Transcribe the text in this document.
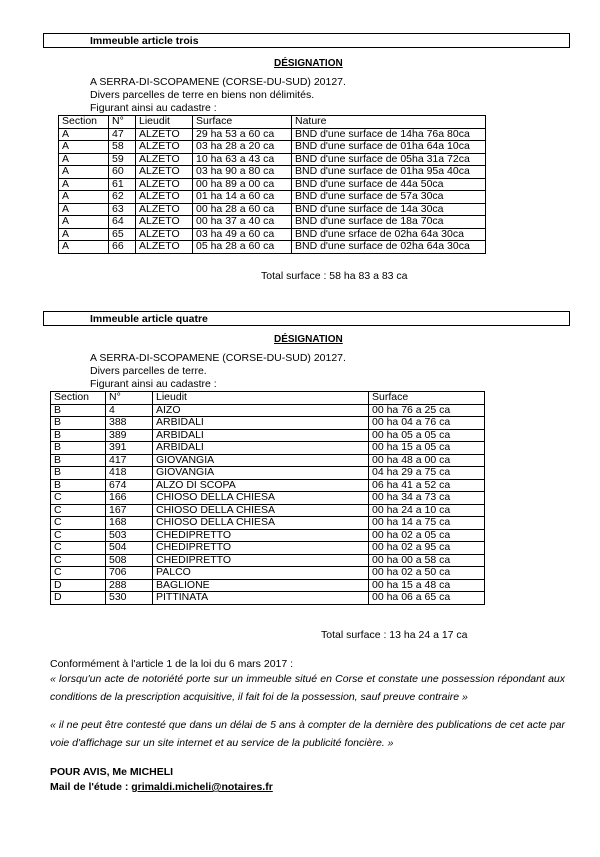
Immeuble article trois
DÉSIGNATION
A SERRA-DI-SCOPAMENE (CORSE-DU-SUD) 20127.
Divers parcelles de terre en biens non délimités.
Figurant ainsi au cadastre :
Section	N°	Lieudit	Surface	Nature
A	47	ALZETO	29 ha 53 a 60 ca	BND d'une surface de 14ha 76a 80ca
A	58	ALZETO	03 ha 28 a 20 ca	BND d'une surface de 01ha 64a 10ca
A	59	ALZETO	10 ha 63 a 43 ca	BND d'une surface de 05ha 31a 72ca
A	60	ALZETO	03 ha 90 a 80 ca	BND d'une surface de 01ha 95a 40ca
A	61	ALZETO	00 ha 89 a 00 ca	BND d'une surface de 44a 50ca
A	62	ALZETO	01 ha 14 a 60 ca	BND d'une surface de 57a 30ca
A	63	ALZETO	00 ha 28 a 60 ca	BND d'une surface de 14a 30ca
A	64	ALZETO	00 ha 37 a 40 ca	BND d'une surface de 18a 70ca
A	65	ALZETO	03 ha 49 a 60 ca	BND d'une srface de 02ha 64a 30ca
A	66	ALZETO	05 ha 28 a 60 ca	BND d'une surface de 02ha 64a 30ca
Total surface : 58 ha 83 a 83 ca
Immeuble article quatre
DÉSIGNATION
A SERRA-DI-SCOPAMENE (CORSE-DU-SUD) 20127.
Divers parcelles de terre.
Figurant ainsi au cadastre :
Section	N°	Lieudit	Surface
B	4	AIZO	00 ha 76 a 25 ca
B	388	ARBIDALI	00 ha 04 a 76 ca
B	389	ARBIDALI	00 ha 05 a 05 ca
B	391	ARBIDALI	00 ha 15 a 05 ca
B	417	GIOVANGIA	00 ha 48 a 00 ca
B	418	GIOVANGIA	04 ha 29 a 75 ca
B	674	ALZO DI SCOPA	06 ha 41 a 52 ca
C	166	CHIOSO DELLA CHIESA	00 ha 34 a 73 ca
C	167	CHIOSO DELLA CHIESA	00 ha 24 a 10 ca
C	168	CHIOSO DELLA CHIESA	00 ha 14 a 75 ca
C	503	CHEDIPRETTO	00 ha 02 a 05 ca
C	504	CHEDIPRETTO	00 ha 02 a 95 ca
C	508	CHEDIPRETTO	00 ha 00 a 58 ca
C	706	PALCO	00 ha 02 a 50 ca
D	288	BAGLIONE	00 ha 15 a 48 ca
D	530	PITTINATA	00 ha 06 a 65 ca
Total surface : 13 ha 24 a 17 ca
Conformément à l'article 1 de la loi du 6 mars 2017 :
« lorsqu'un acte de notoriété porte sur un immeuble situé en Corse et constate une possession répondant aux conditions de la prescription acquisitive, il fait foi de la possession, sauf preuve contraire »
« il ne peut être contesté que dans un délai de 5 ans à compter de la dernière des publications de cet acte par voie d'affichage sur un site internet et au service de la publicité foncière. »
POUR AVIS, Me MICHELI
Mail de l'étude : grimaldi.micheli@notaires.fr
